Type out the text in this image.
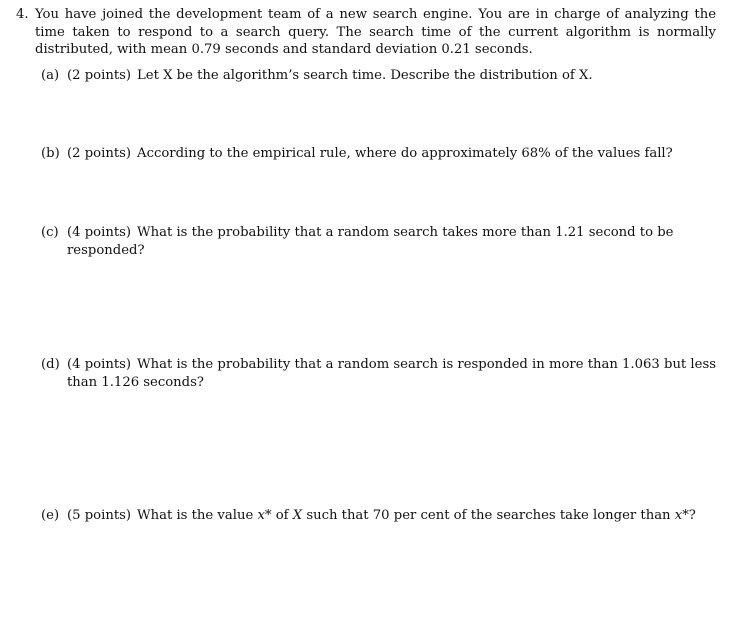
4. You have joined the development team of a new search engine. You are in charge of analyzing the time taken to respond to a search query. The search time of the current algorithm is normally distributed, with mean 0.79 seconds and standard deviation 0.21 seconds.
(a) (2 points) Let X be the algorithm’s search time. Describe the distribution of X.
(b) (2 points) According to the empirical rule, where do approximately 68% of the values fall?
(c) (4 points) What is the probability that a random search takes more than 1.21 second to be responded?
(d) (4 points) What is the probability that a random search is responded in more than 1.063 but less than 1.126 seconds?
(e) (5 points) What is the value x* of X such that 70 per cent of the searches take longer than x*?
